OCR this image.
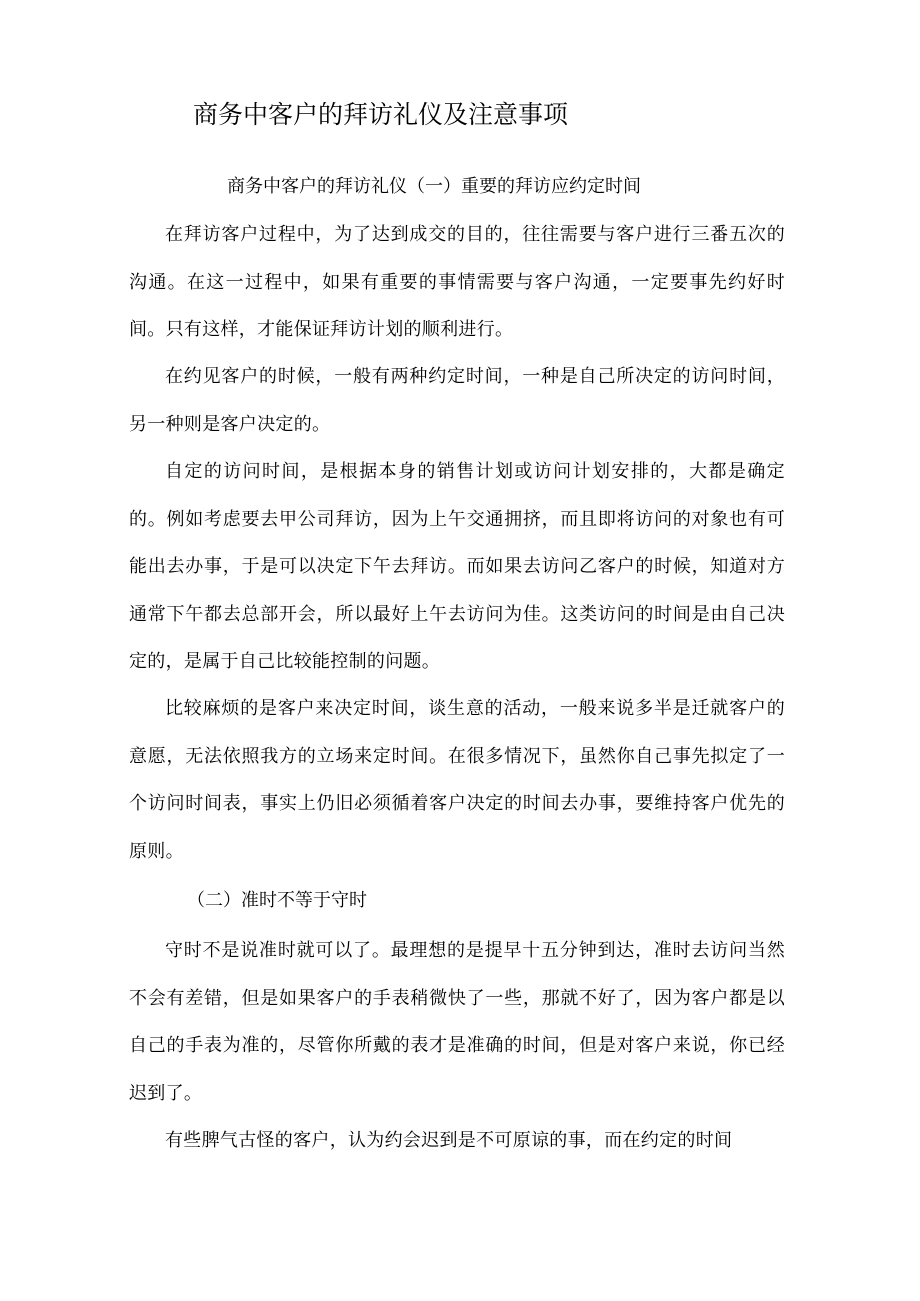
商务中客户的拜访礼仪及注意事项
商务中客户的拜访礼仪（一）重要的拜访应约定时间

在拜访客户过程中，为了达到成交的目的，往往需要与客户进行三番五次的沟通。在这一过程中，如果有重要的事情需要与客户沟通，一定要事先约好时间。只有这样，才能保证拜访计划的顺利进行。

在约见客户的时候，一般有两种约定时间，一种是自己所决定的访问时间，另一种则是客户决定的。

自定的访问时间，是根据本身的销售计划或访问计划安排的，大都是确定的。例如考虑要去甲公司拜访，因为上午交通拥挤，而且即将访问的对象也有可能出去办事，于是可以决定下午去拜访。而如果去访问乙客户的时候，知道对方通常下午都去总部开会，所以最好上午去访问为佳。这类访问的时间是由自己决定的，是属于自己比较能控制的问题。

比较麻烦的是客户来决定时间，谈生意的活动，一般来说多半是迁就客户的意愿，无法依照我方的立场来定时间。在很多情况下，虽然你自己事先拟定了一个访问时间表，事实上仍旧必须循着客户决定的时间去办事，要维持客户优先的原则。

（二）准时不等于守时

守时不是说准时就可以了。最理想的是提早十五分钟到达，准时去访问当然不会有差错，但是如果客户的手表稍微快了一些，那就不好了，因为客户都是以自己的手表为准的，尽管你所戴的表才是准确的时间，但是对客户来说，你已经迟到了。

有些脾气古怪的客户，认为约会迟到是不可原谅的事，而在约定的时间
